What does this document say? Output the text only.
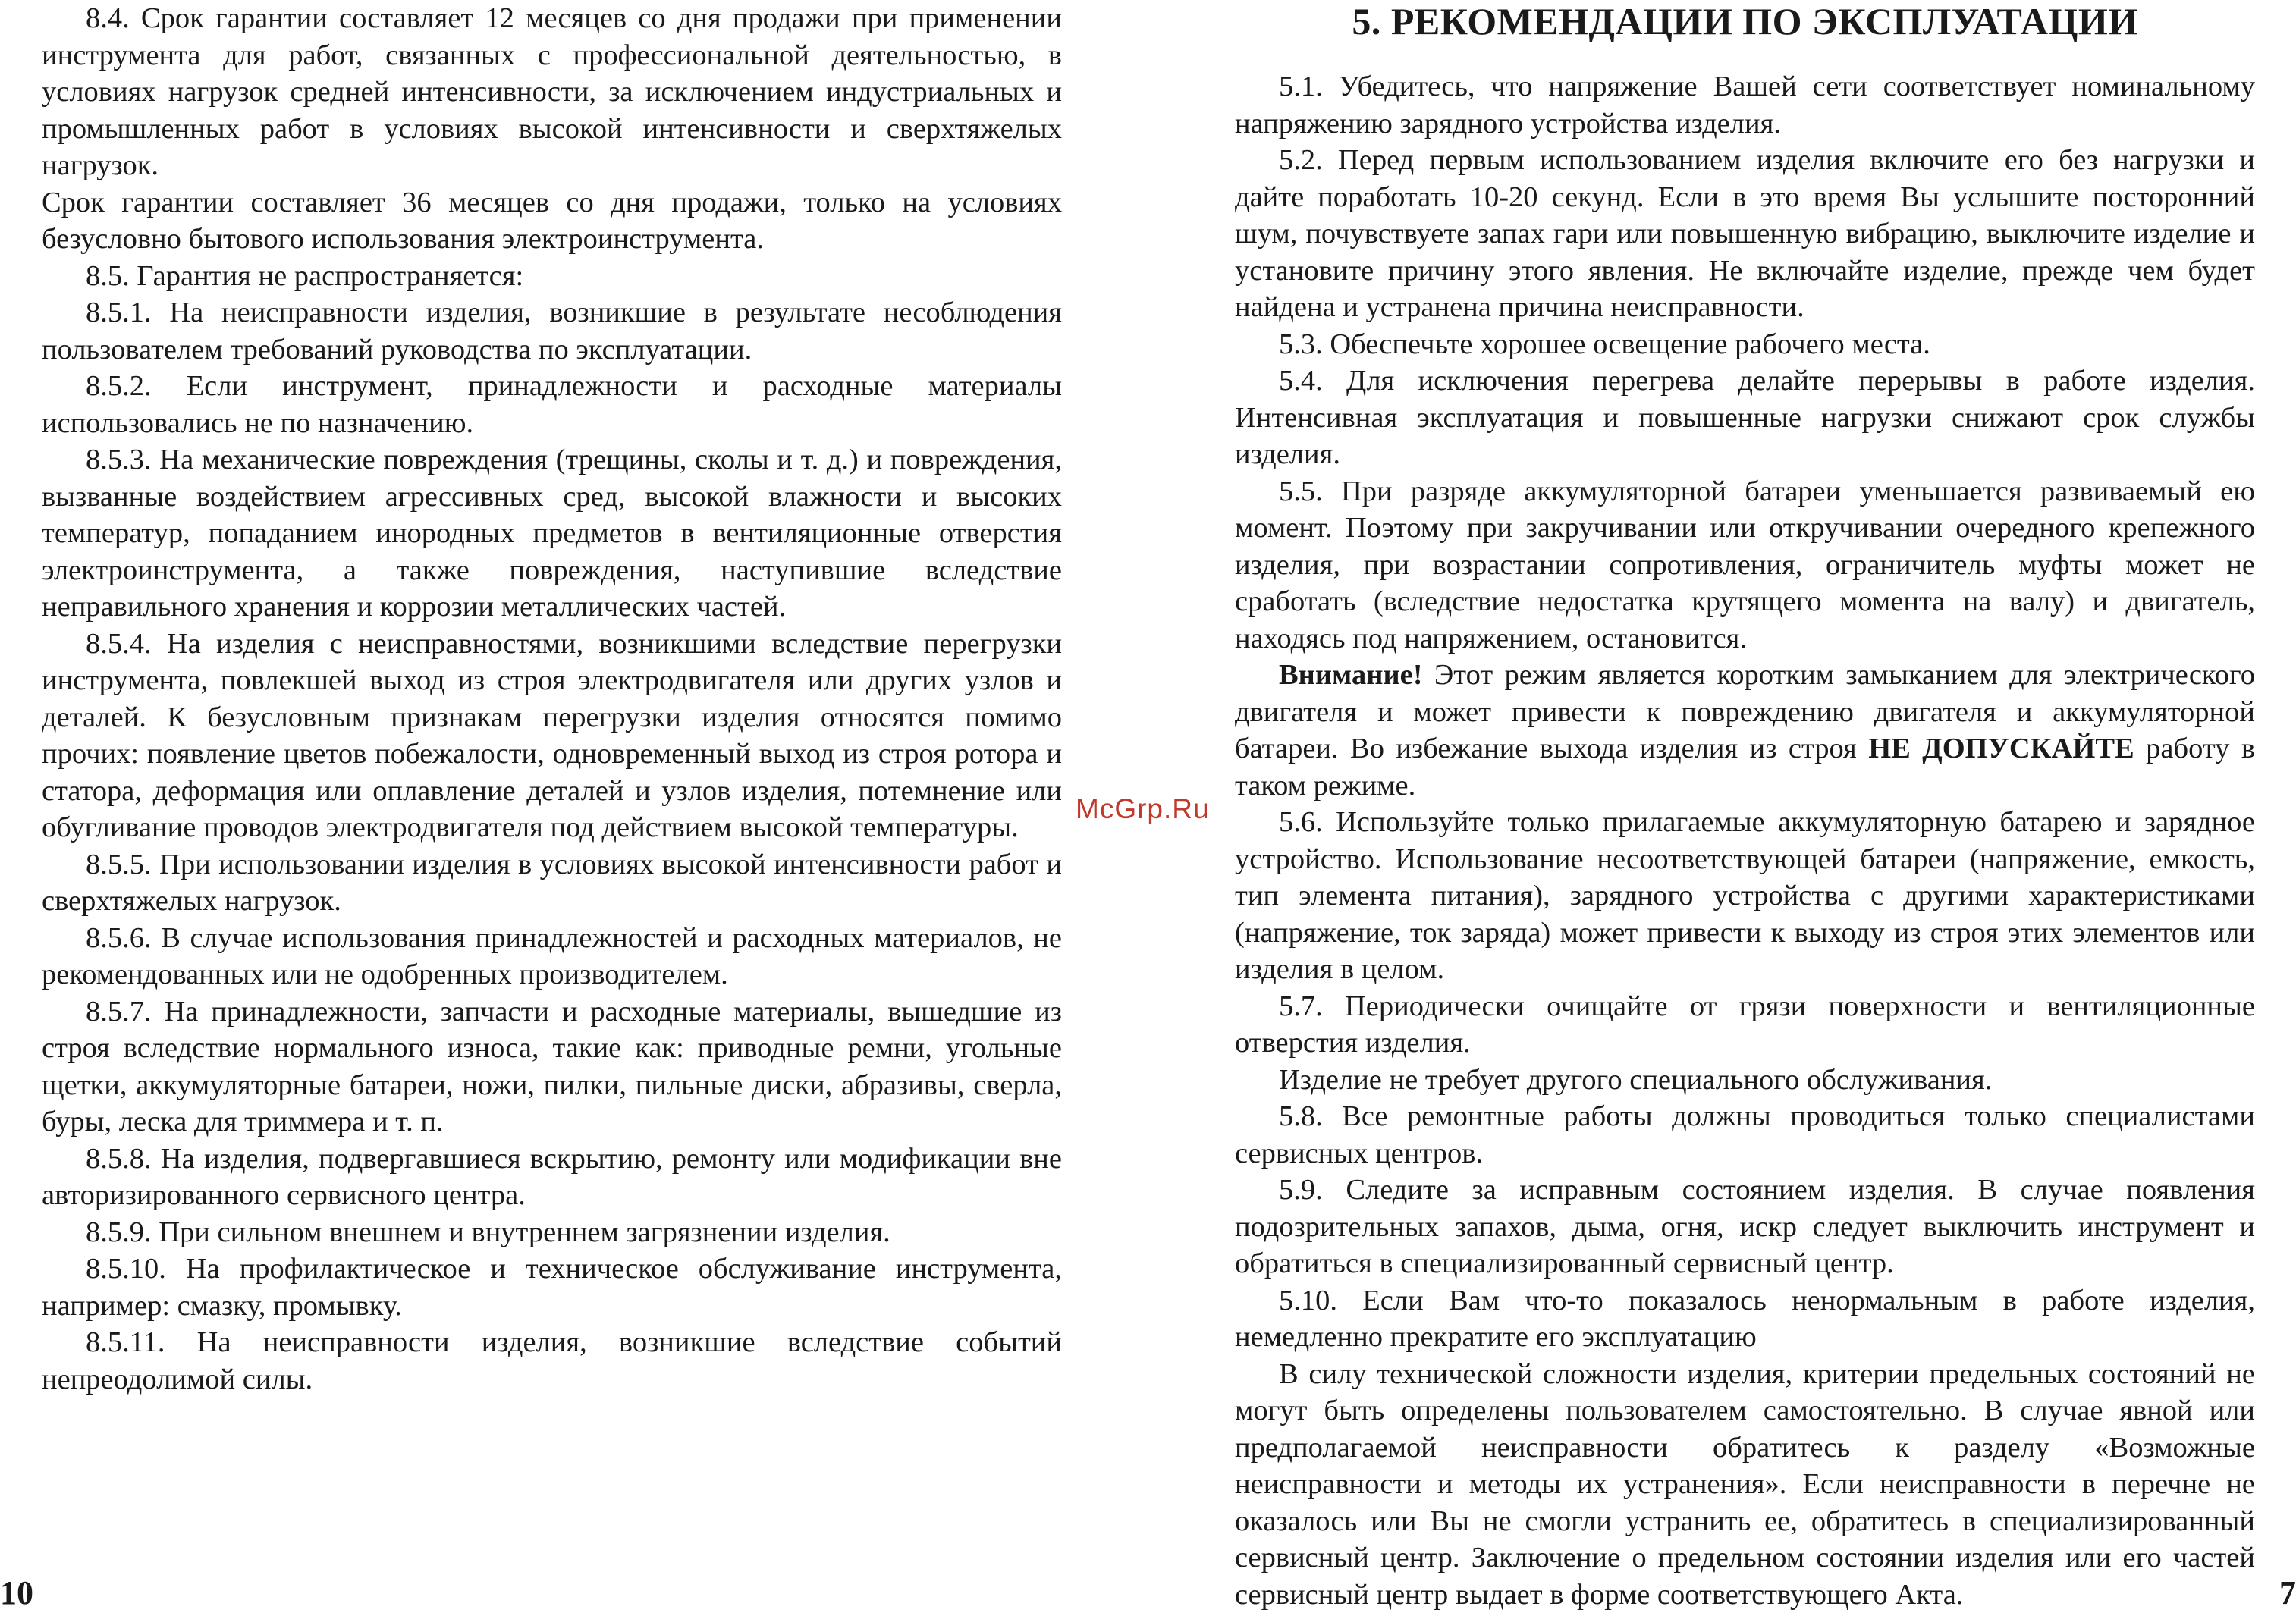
8.4. Срок гарантии составляет 12 месяцев со дня продажи при применении инструмента для работ, связанных с профессиональной деятельностью, в условиях нагрузок средней интенсивности, за исключением индустриальных и промышленных работ в условиях высокой интенсивности и сверхтяжелых нагрузок.

Срок гарантии составляет 36 месяцев со дня продажи, только на условиях безусловно бытового использования электроинструмента.

8.5. Гарантия не распространяется:

8.5.1. На неисправности изделия, возникшие в результате несоблюдения пользователем требований руководства по эксплуатации.

8.5.2. Если инструмент, принадлежности и расходные материалы использовались не по назначению.

8.5.3. На механические повреждения (трещины, сколы и т. д.) и повреждения, вызванные воздействием агрессивных сред, высокой влажности и высоких температур, попаданием инородных предметов в вентиляционные отверстия электроинструмента, а также повреждения, наступившие вследствие неправильного хранения и коррозии металлических частей.

8.5.4. На изделия с неисправностями, возникшими вследствие перегрузки инструмента, повлекшей выход из строя электродвигателя или других узлов и деталей. К безусловным признакам перегрузки изделия относятся помимо прочих: появление цветов побежалости, одновременный выход из строя ротора и статора, деформация или оплавление деталей и узлов изделия, потемнение или обугливание проводов электродвигателя под действием высокой температуры.

8.5.5. При использовании изделия в условиях высокой интенсивности работ и сверхтяжелых нагрузок.

8.5.6. В случае использования принадлежностей и расходных материалов, не рекомендованных или не одобренных производителем.

8.5.7. На принадлежности, запчасти и расходные материалы, вышедшие из строя вследствие нормального износа, такие как: приводные ремни, угольные щетки, аккумуляторные батареи, ножи, пилки, пильные диски, абразивы, сверла, буры, леска для триммера и т. п.

8.5.8. На изделия, подвергавшиеся вскрытию, ремонту или модификации вне авторизированного сервисного центра.

8.5.9. При сильном внешнем и внутреннем загрязнении изделия.

8.5.10. На профилактическое и техническое обслуживание инструмента, например: смазку, промывку.

8.5.11. На неисправности изделия, возникшие вследствие событий непреодолимой силы.

10
McGrp.Ru
5. РЕКОМЕНДАЦИИ ПО ЭКСПЛУАТАЦИИ

5.1. Убедитесь, что напряжение Вашей сети соответствует номинальному напряжению зарядного устройства изделия.

5.2. Перед первым использованием изделия включите его без нагрузки и дайте поработать 10-20 секунд. Если в это время Вы услышите посторонний шум, почувствуете запах гари или повышенную вибрацию, выключите изделие и установите причину этого явления. Не включайте изделие, прежде чем будет найдена и устранена причина неисправности.

5.3. Обеспечьте хорошее освещение рабочего места.

5.4. Для исключения перегрева делайте перерывы в работе изделия. Интенсивная эксплуатация и повышенные нагрузки снижают срок службы изделия.

5.5. При разряде аккумуляторной батареи уменьшается развиваемый ею момент. Поэтому при закручивании или откручивании очередного крепежного изделия, при возрастании сопротивления, ограничитель муфты может не сработать (вследствие недостатка крутящего момента на валу) и двигатель, находясь под напряжением, остановится.

Внимание! Этот режим является коротким замыканием для электрического двигателя и может привести к повреждению двигателя и аккумуляторной батареи. Во избежание выхода изделия из строя НЕ ДОПУСКАЙТЕ работу в таком режиме.

5.6. Используйте только прилагаемые аккумуляторную батарею и зарядное устройство. Использование несоответствующей батареи (напряжение, емкость, тип элемента питания), зарядного устройства с другими характеристиками (напряжение, ток заряда) может привести к выходу из строя этих элементов или изделия в целом.

5.7. Периодически очищайте от грязи поверхности и вентиляционные отверстия изделия.

Изделие не требует другого специального обслуживания.

5.8. Все ремонтные работы должны проводиться только специалистами сервисных центров.

5.9. Следите за исправным состоянием изделия. В случае появления подозрительных запахов, дыма, огня, искр следует выключить инструмент и обратиться в специализированный сервисный центр.

5.10. Если Вам что-то показалось ненормальным в работе изделия, немедленно прекратите его эксплуатацию

В силу технической сложности изделия, критерии предельных состояний не могут быть определены пользователем самостоятельно. В случае явной или предполагаемой неисправности обратитесь к разделу «Возможные неисправности и методы их устранения». Если неисправности в перечне не оказалось или Вы не смогли устранить ее, обратитесь в специализированный сервисный центр. Заключение о предельном состоянии изделия или его частей сервисный центр выдает в форме соответствующего Акта.	7
